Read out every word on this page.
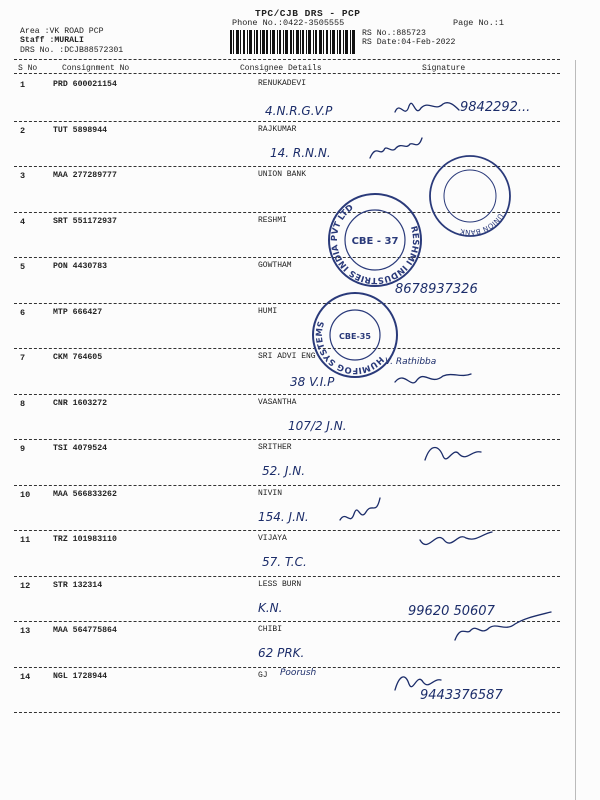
TPC/CJB DRS - PCP
Phone No.:0422-3505555	Page No.:1
Area :VK ROAD PCP
Staff :MURALI
DRS No. :DCJB88572301
RS No.:885723
RS Date:04-Feb-2022
S No	Consignment No	Consignee Details	Signature
1	PRD 600021154	RENUKADEVI
4.N.R.G.V.P	9842292...
2	TUT 5898944	RAJKUMAR
14. R.N.N.
3	MAA 277289777	UNION BANK
4	SRT 551172937	RESHMI
5	PON 4430783	GOWTHAM
8678937326
6	MTP 666427	HUMI
7	CKM 764605	SRI ADVI ENG
38 V.I.P
V. Rathibba
8	CNR 1603272	VASANTHA
107/2 J.N.
9	TSI 4079524	SRITHER
52. J.N.
10	MAA 566833262	NIVIN
154. J.N.
11	TRZ 101983110	VIJAYA
57. T.C.
12	STR 132314	LESS BURN
K.N.	99620 50607
13	MAA 564775864	CHIBI
62 PRK.
14	NGL 1728944	GJ Poorush
9443376587
RESHMI INDUSTRIES INDIA PVT LTD
CBE - 37
UNION BANK
HUMIFOG SYSTEMS
CBE-35
